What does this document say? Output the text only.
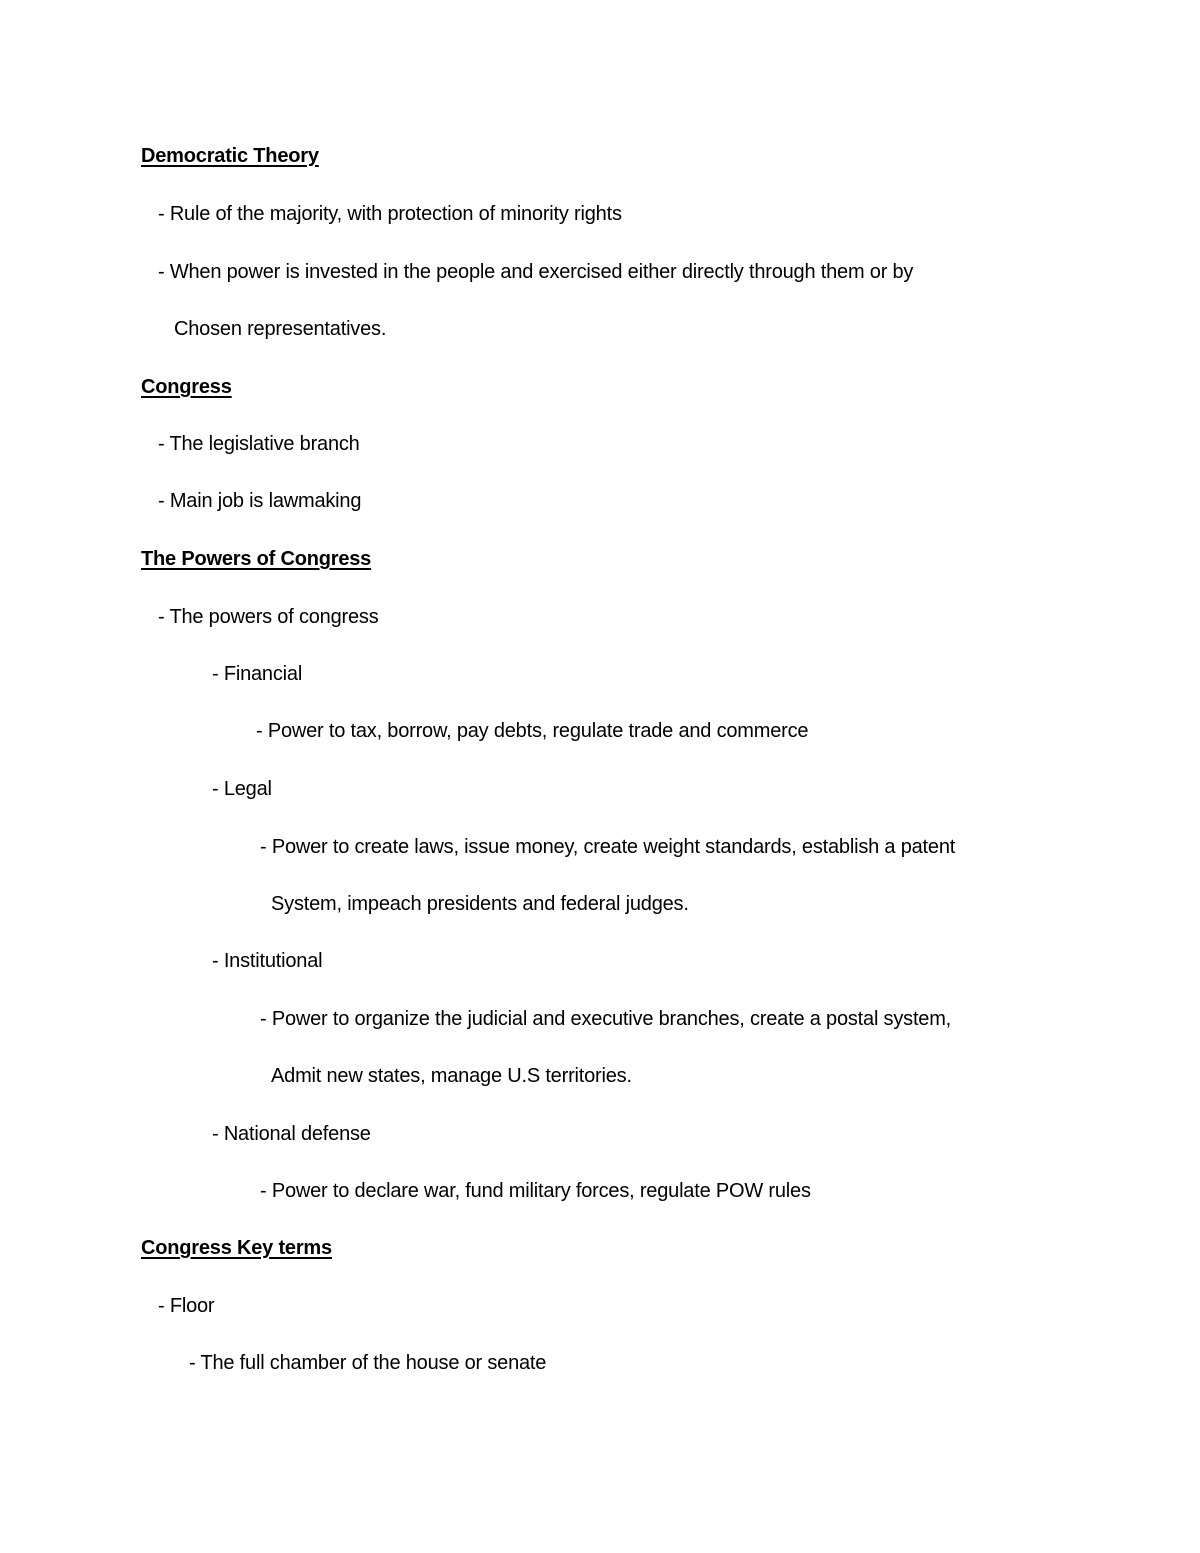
Democratic Theory
- Rule of the majority, with protection of minority rights
- When power is invested in the people and exercised either directly through them or by
Chosen representatives.
Congress
- The legislative branch
- Main job is lawmaking
The Powers of Congress
- The powers of congress
- Financial
- Power to tax, borrow, pay debts, regulate trade and commerce
- Legal
- Power to create laws, issue money, create weight standards, establish a patent
System, impeach presidents and federal judges.
- Institutional
- Power to organize the judicial and executive branches, create a postal system,
Admit new states, manage U.S territories.
- National defense
- Power to declare war, fund military forces, regulate POW rules
Congress Key terms
- Floor
- The full chamber of the house or senate
